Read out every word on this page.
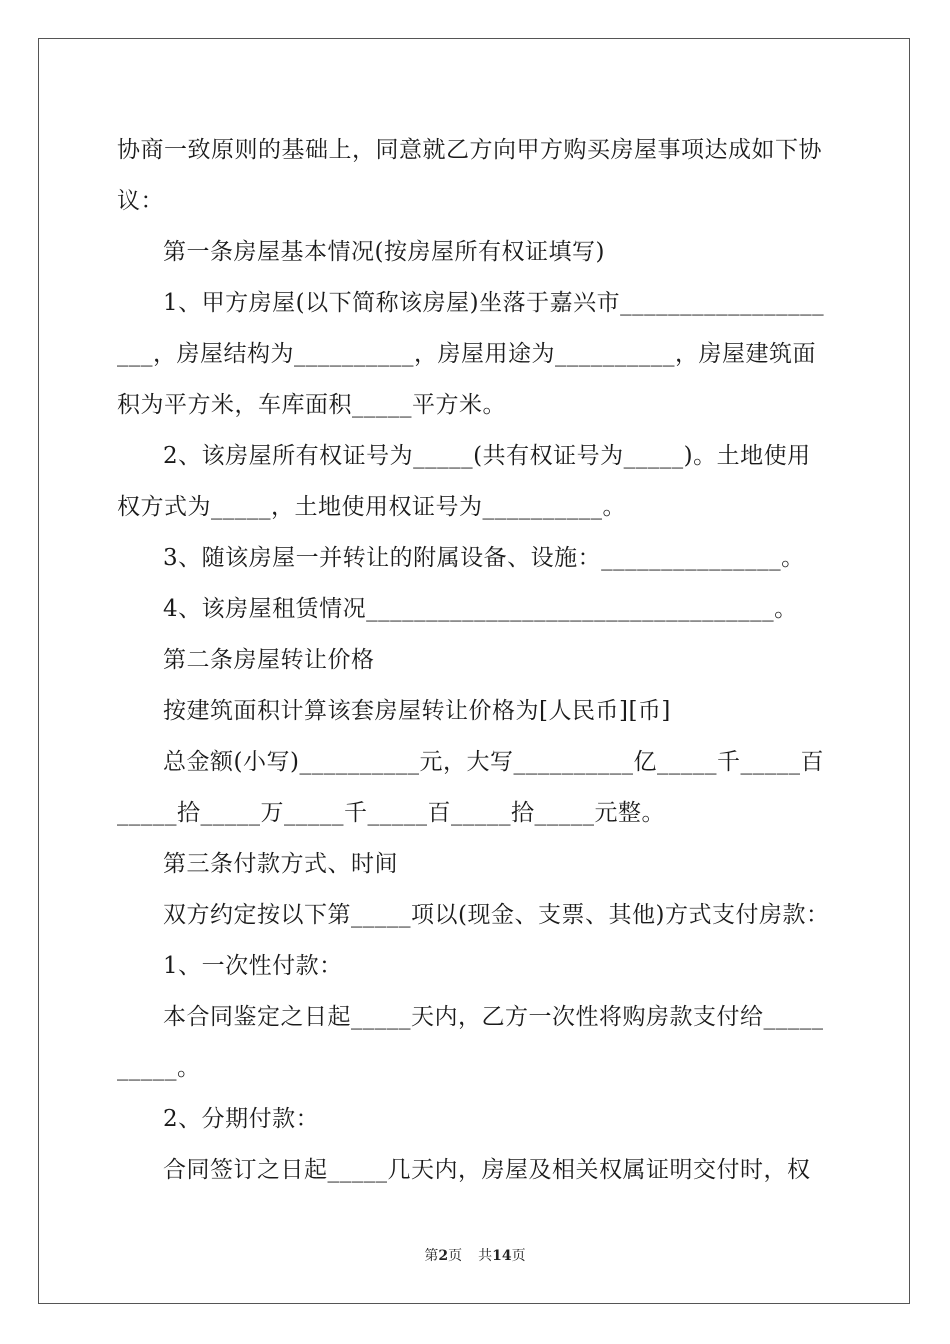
协商一致原则的基础上，同意就乙方向甲方购买房屋事项达成如下协议：

第一条房屋基本情况(按房屋所有权证填写)

1、甲方房屋(以下简称该房屋)坐落于嘉兴市_________________ ___，房屋结构为__________，房屋用途为__________，房屋建筑面积为平方米，车库面积_____平方米。

2、该房屋所有权证号为_____(共有权证号为_____)。土地使用权方式为_____，土地使用权证号为__________。

3、随该房屋一并转让的附属设备、设施：_______________。

4、该房屋租赁情况__________________________________。

第二条房屋转让价格

按建筑面积计算该套房屋转让价格为[人民币][币]

总金额(小写)__________元，大写__________亿_____千_____百_____拾_____万_____千_____百_____拾_____元整。

第三条付款方式、时间

双方约定按以下第_____项以(现金、支票、其他)方式支付房款：

1、一次性付款：

本合同鉴定之日起_____天内，乙方一次性将购房款支付给__________。

2、分期付款：

合同签订之日起_____几天内，房屋及相关权属证明交付时，权

第2页 共14页
